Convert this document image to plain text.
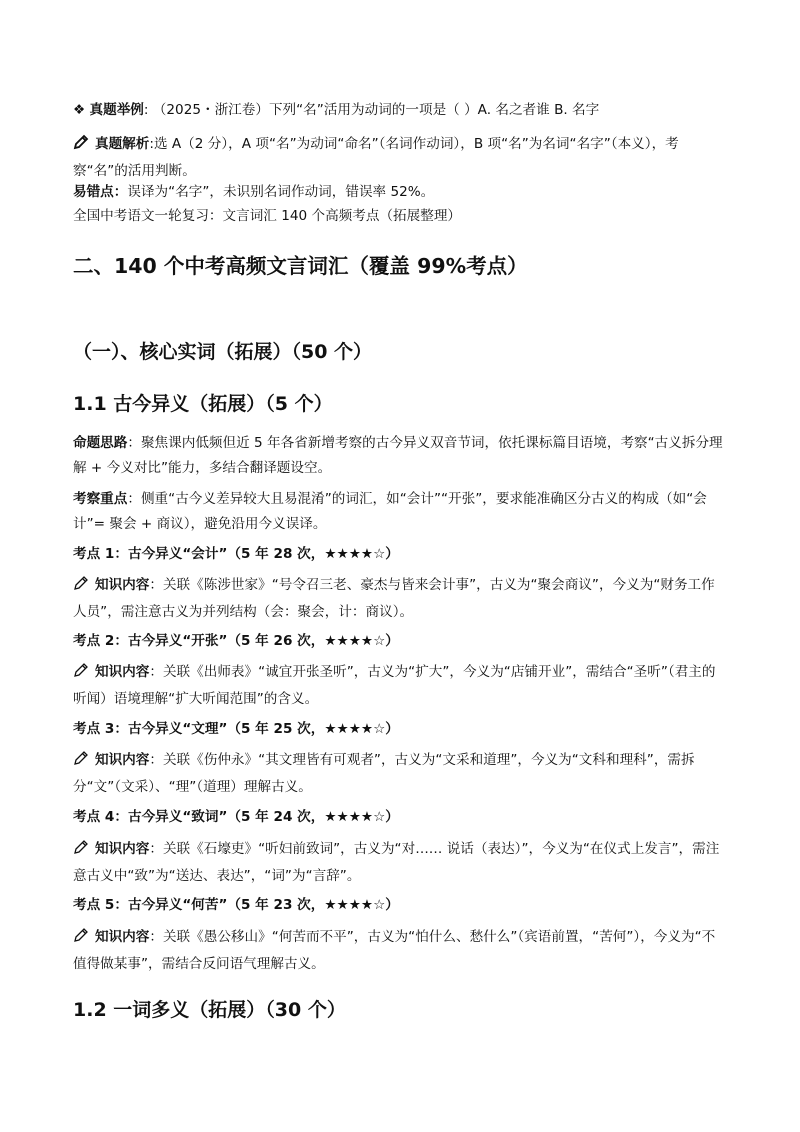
❖ 真题举例: （2025・浙江卷）下列“名”活用为动词的一项是（ ）A. 名之者谁 B. 名字
真题解析:选 A（2 分），A 项“名”为动词“命名”（名词作动词），B 项“名”为名词“名字”（本义），考察“名”的活用判断。
易错点：误译为“名字”，未识别名词作动词，错误率 52%。
全国中考语文一轮复习：文言词汇 140 个高频考点（拓展整理）
二、140 个中考高频文言词汇（覆盖 99%考点）
（一）、核心实词（拓展）（50 个）
1.1 古今异义（拓展）（5 个）
命题思路：聚焦课内低频但近 5 年各省新增考察的古今异义双音节词，依托课标篇目语境，考察“古义拆分理解 + 今义对比”能力，多结合翻译题设空。
考察重点：侧重“古今义差异较大且易混淆”的词汇，如“会计”“开张”，要求能准确区分古义的构成（如“会计”= 聚会 + 商议），避免沿用今义误译。
考点 1：古今异义“会计”（5 年 28 次，★★★★☆）
知识内容：关联《陈涉世家》“号令召三老、豪杰与皆来会计事”，古义为“聚会商议”，今义为“财务工作人员”，需注意古义为并列结构（会：聚会，计：商议）。
考点 2：古今异义“开张”（5 年 26 次，★★★★☆）
知识内容：关联《出师表》“诚宜开张圣听”，古义为“扩大”，今义为“店铺开业”，需结合“圣听”（君主的听闻）语境理解“扩大听闻范围”的含义。
考点 3：古今异义“文理”（5 年 25 次，★★★★☆）
知识内容：关联《伤仲永》“其文理皆有可观者”，古义为“文采和道理”，今义为“文科和理科”，需拆分“文”（文采）、“理”（道理）理解古义。
考点 4：古今异义“致词”（5 年 24 次，★★★★☆）
知识内容：关联《石壕吏》“听妇前致词”，古义为“对…… 说话（表达）”，今义为“在仪式上发言”，需注意古义中“致”为“送达、表达”，“词”为“言辞”。
考点 5：古今异义“何苦”（5 年 23 次，★★★★☆）
知识内容：关联《愚公移山》“何苦而不平”，古义为“怕什么、愁什么”（宾语前置，“苦何”），今义为“不值得做某事”，需结合反问语气理解古义。
1.2 一词多义（拓展）（30 个）
